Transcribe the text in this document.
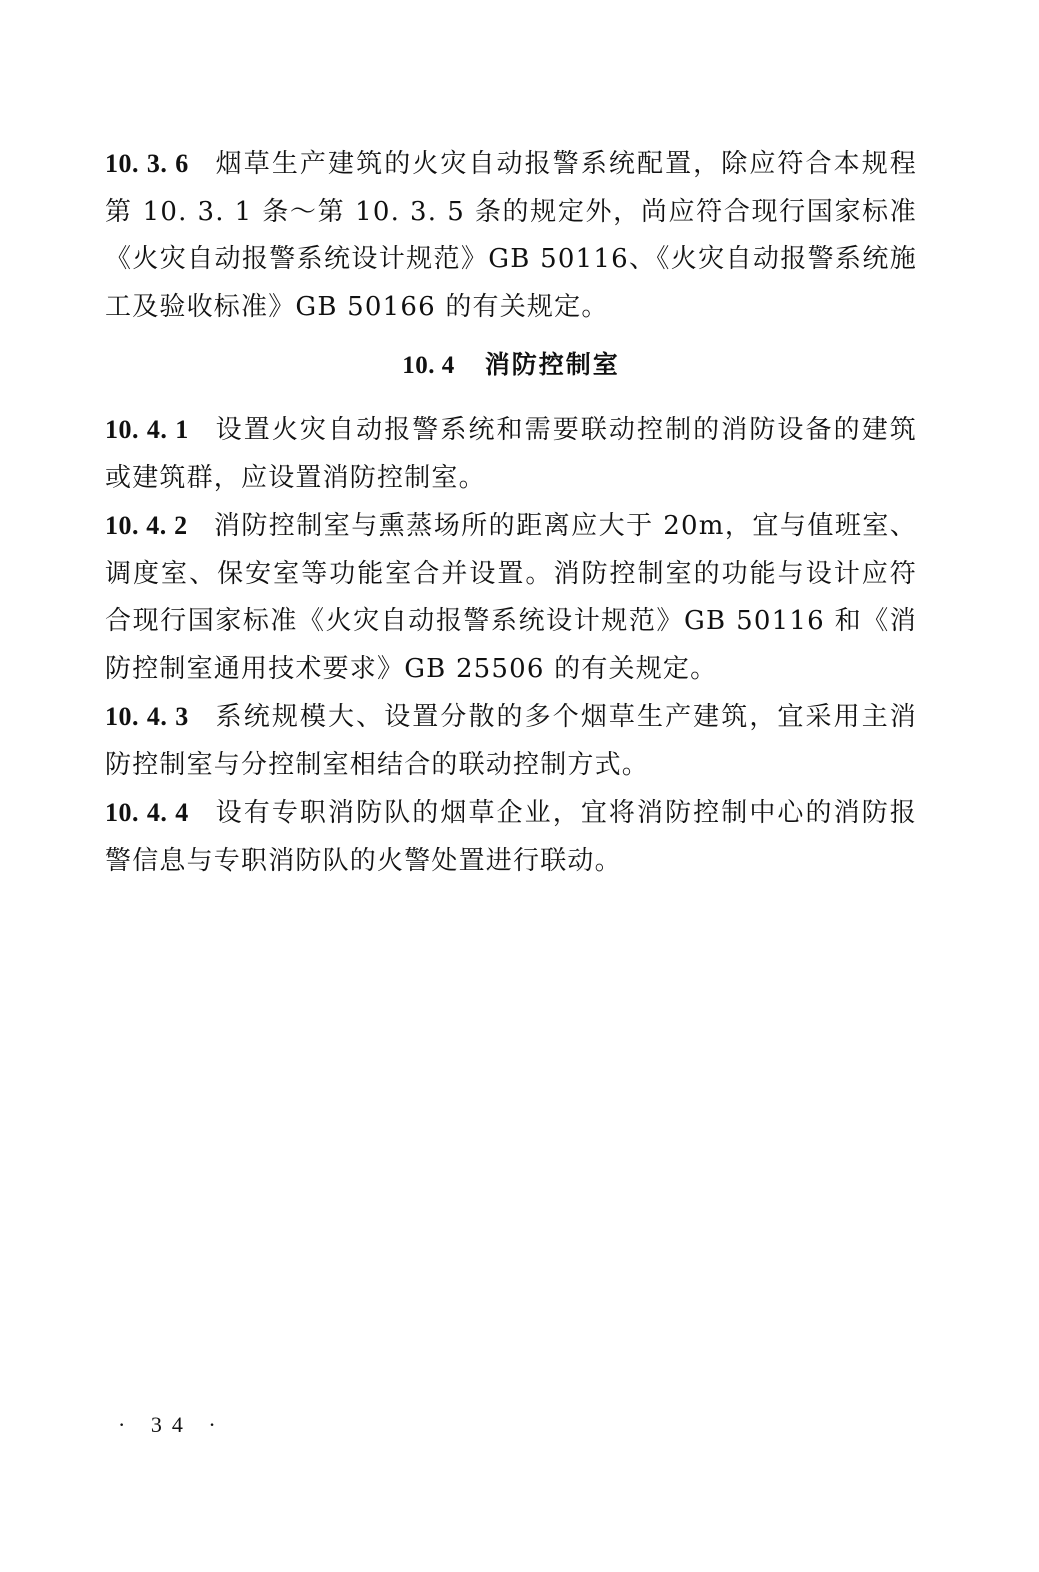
10. 3. 6 烟草生产建筑的火灾自动报警系统配置，除应符合本规程第 10. 3. 1 条～第 10. 3. 5 条的规定外，尚应符合现行国家标准《火灾自动报警系统设计规范》GB 50116、《火灾自动报警系统施工及验收标准》GB 50166 的有关规定。

10. 4 消防控制室

10. 4. 1 设置火灾自动报警系统和需要联动控制的消防设备的建筑或建筑群，应设置消防控制室。

10. 4. 2 消防控制室与熏蒸场所的距离应大于 20m，宜与值班室、调度室、保安室等功能室合并设置。消防控制室的功能与设计应符合现行国家标准《火灾自动报警系统设计规范》GB 50116 和《消防控制室通用技术要求》GB 25506 的有关规定。

10. 4. 3 系统规模大、设置分散的多个烟草生产建筑，宜采用主消防控制室与分控制室相结合的联动控制方式。

10. 4. 4 设有专职消防队的烟草企业，宜将消防控制中心的消防报警信息与专职消防队的火警处置进行联动。

· 34 ·
